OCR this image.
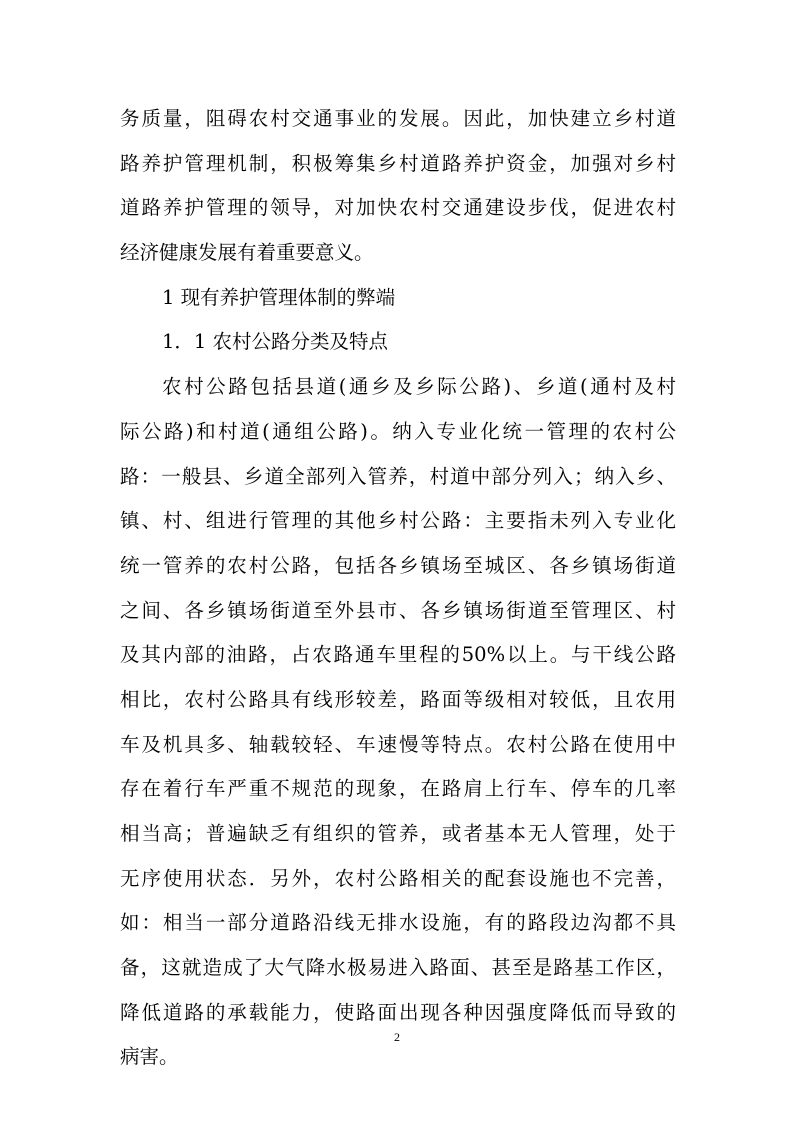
务质量，阻碍农村交通事业的发展。因此，加快建立乡村道
路养护管理机制，积极筹集乡村道路养护资金，加强对乡村
道路养护管理的领导，对加快农村交通建设步伐，促进农村
经济健康发展有着重要意义。
1 现有养护管理体制的弊端
1．1 农村公路分类及特点
农村公路包括县道(通乡及乡际公路)、乡道(通村及村
际公路)和村道(通组公路)。纳入专业化统一管理的农村公
路：一般县、乡道全部列入管养，村道中部分列入；纳入乡、
镇、村、组进行管理的其他乡村公路：主要指未列入专业化
统一管养的农村公路，包括各乡镇场至城区、各乡镇场街道
之间、各乡镇场街道至外县市、各乡镇场街道至管理区、村
及其内部的油路，占农路通车里程的50%以上。与干线公路
相比，农村公路具有线形较差，路面等级相对较低，且农用
车及机具多、轴载较轻、车速慢等特点。农村公路在使用中
存在着行车严重不规范的现象，在路肩上行车、停车的几率
相当高；普遍缺乏有组织的管养，或者基本无人管理，处于
无序使用状态．另外，农村公路相关的配套设施也不完善，
如：相当一部分道路沿线无排水设施，有的路段边沟都不具
备，这就造成了大气降水极易进入路面、甚至是路基工作区，
降低道路的承载能力，使路面出现各种因强度降低而导致的
病害。
2
